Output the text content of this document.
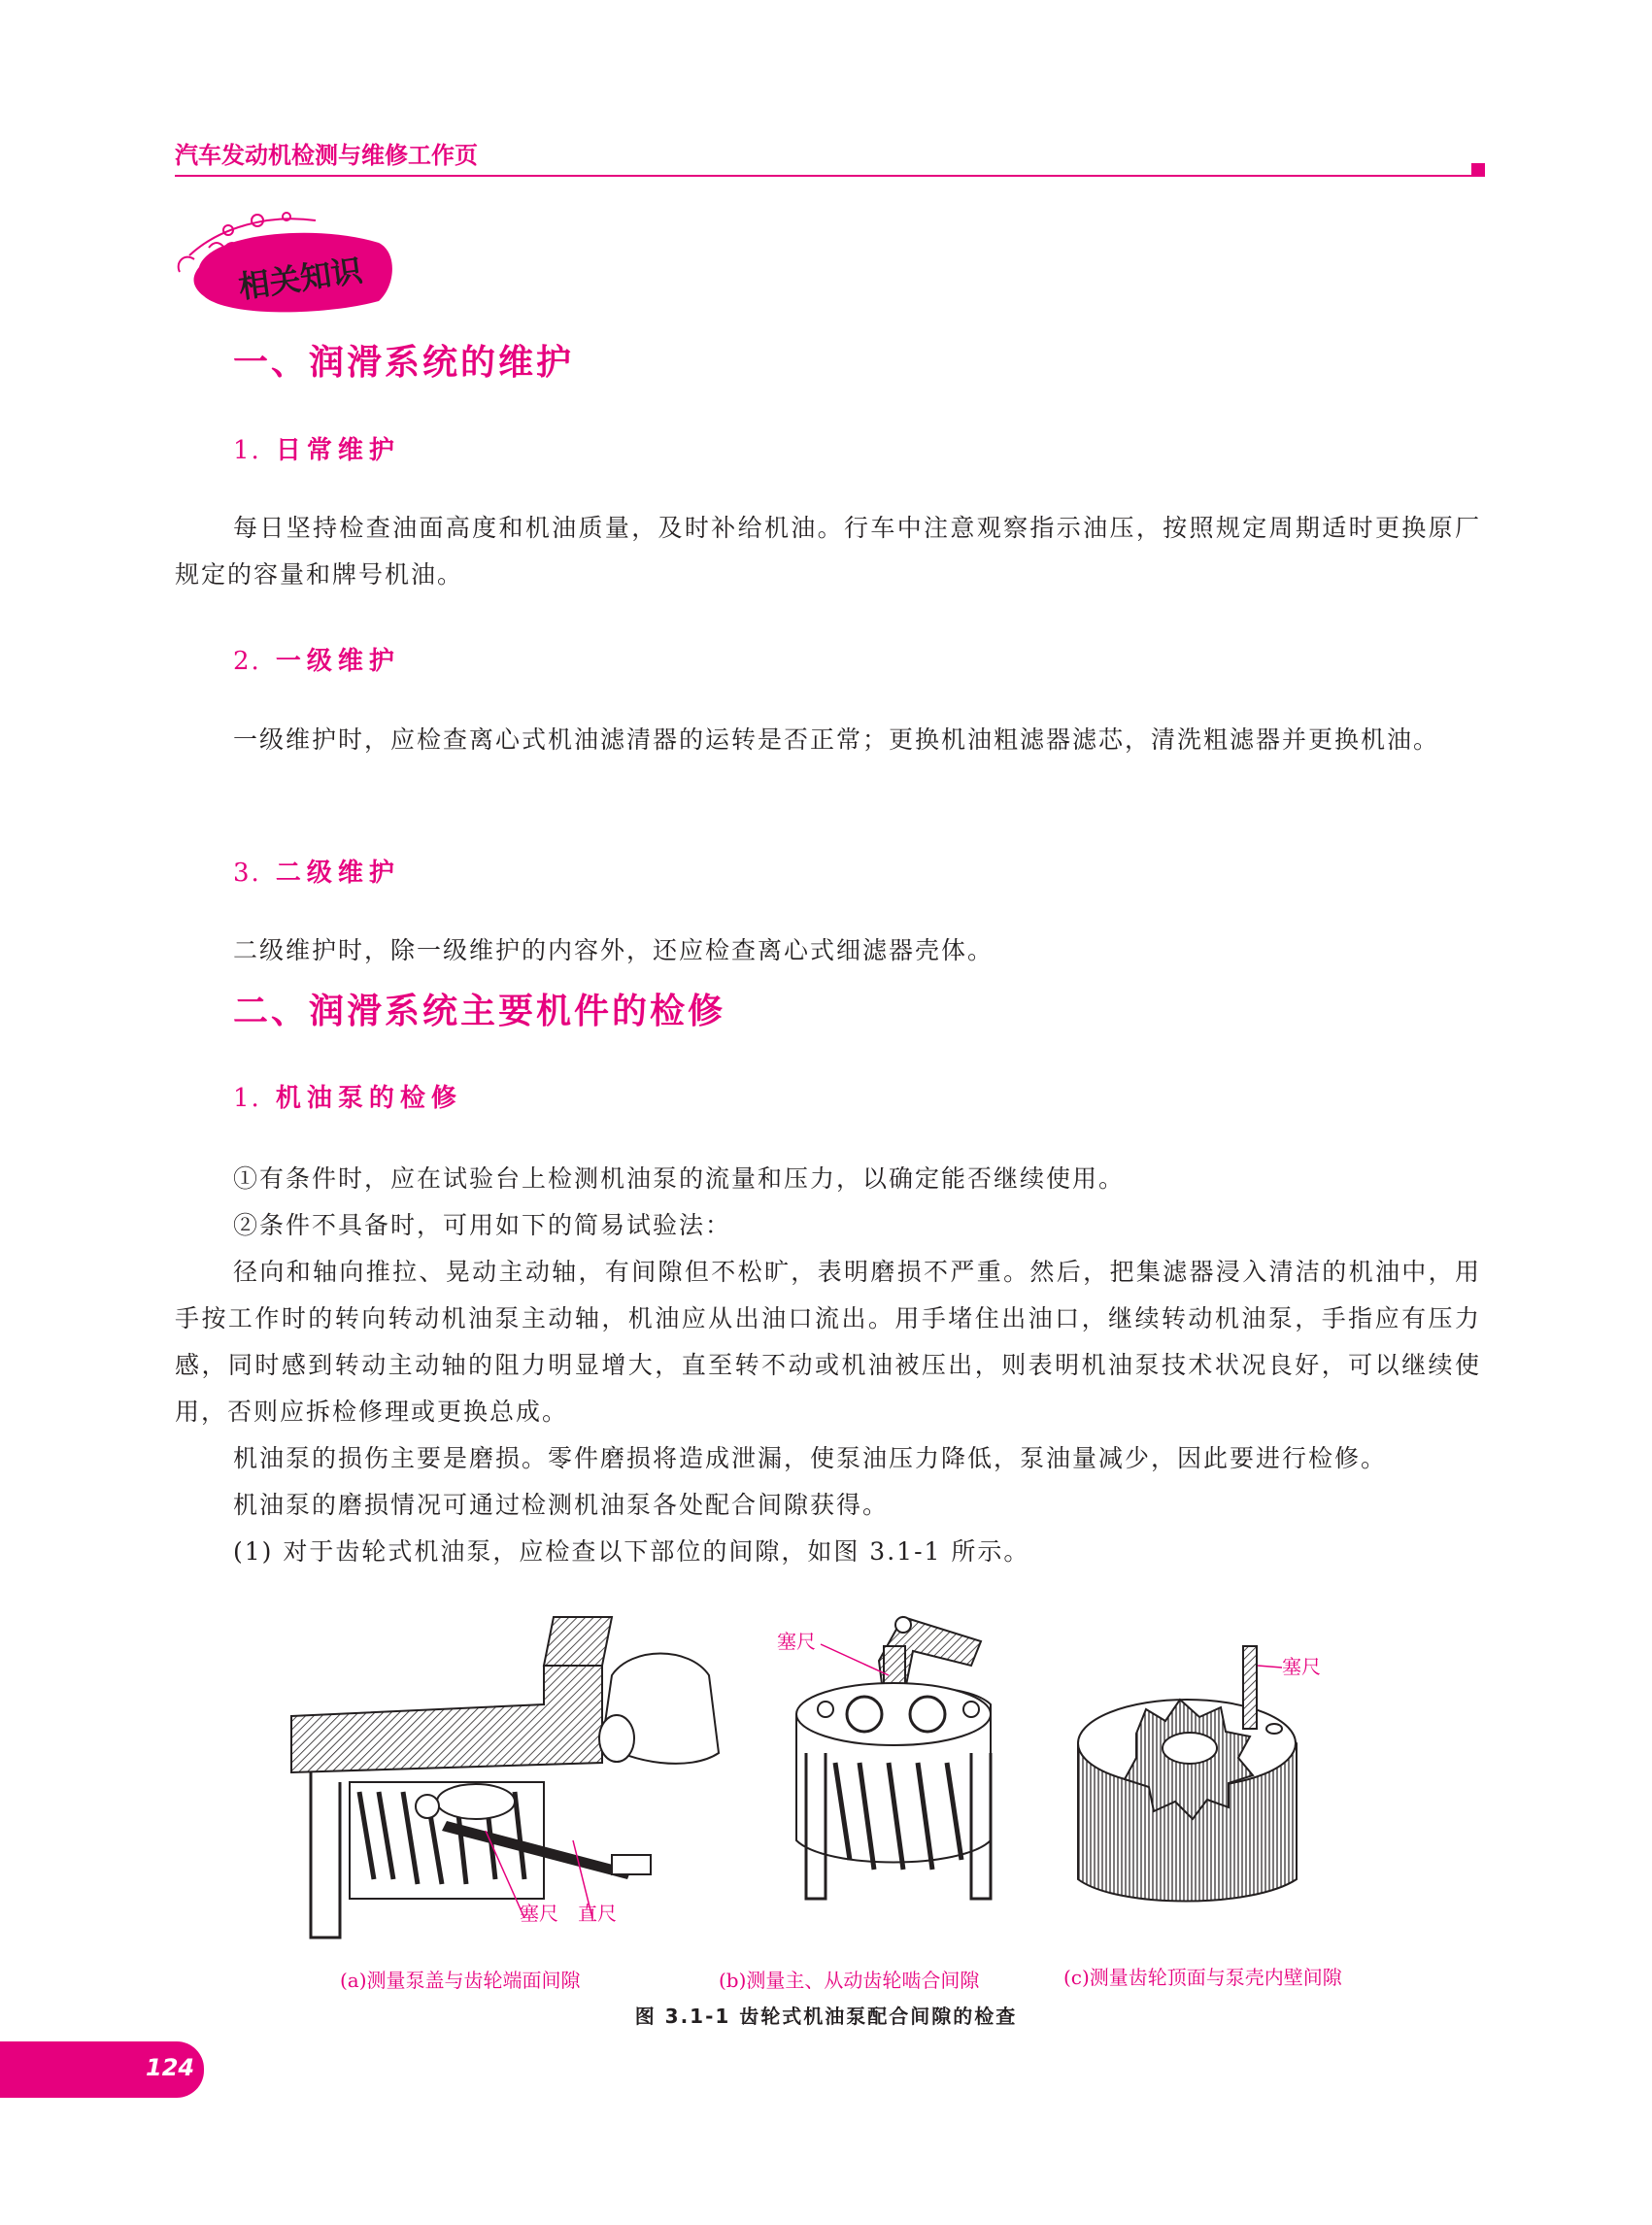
汽车发动机检测与维修工作页
相关知识
一、润滑系统的维护
1. 日常维护
每日坚持检查油面高度和机油质量，及时补给机油。行车中注意观察指示油压，按照规定周期适时更换原厂规定的容量和牌号机油。
2. 一级维护
一级维护时，应检查离心式机油滤清器的运转是否正常；更换机油粗滤器滤芯，清洗粗滤器并更换机油。
3. 二级维护
二级维护时，除一级维护的内容外，还应检查离心式细滤器壳体。
二、润滑系统主要机件的检修
1. 机油泵的检修
①有条件时，应在试验台上检测机油泵的流量和压力，以确定能否继续使用。
②条件不具备时，可用如下的简易试验法：
径向和轴向推拉、晃动主动轴，有间隙但不松旷，表明磨损不严重。然后，把集滤器浸入清洁的机油中，用手按工作时的转向转动机油泵主动轴，机油应从出油口流出。用手堵住出油口，继续转动机油泵，手指应有压力感，同时感到转动主动轴的阻力明显增大，直至转不动或机油被压出，则表明机油泵技术状况良好，可以继续使用，否则应拆检修理或更换总成。
机油泵的损伤主要是磨损。零件磨损将造成泄漏，使泵油压力降低，泵油量减少，因此要进行检修。
机油泵的磨损情况可通过检测机油泵各处配合间隙获得。
(1) 对于齿轮式机油泵，应检查以下部位的间隙，如图 3.1-1 所示。
塞尺 直尺
塞尺
塞尺
(a)测量泵盖与齿轮端面间隙	(b)测量主、从动齿轮啮合间隙	(c)测量齿轮顶面与泵壳内壁间隙
图 3.1-1 齿轮式机油泵配合间隙的检查
124
